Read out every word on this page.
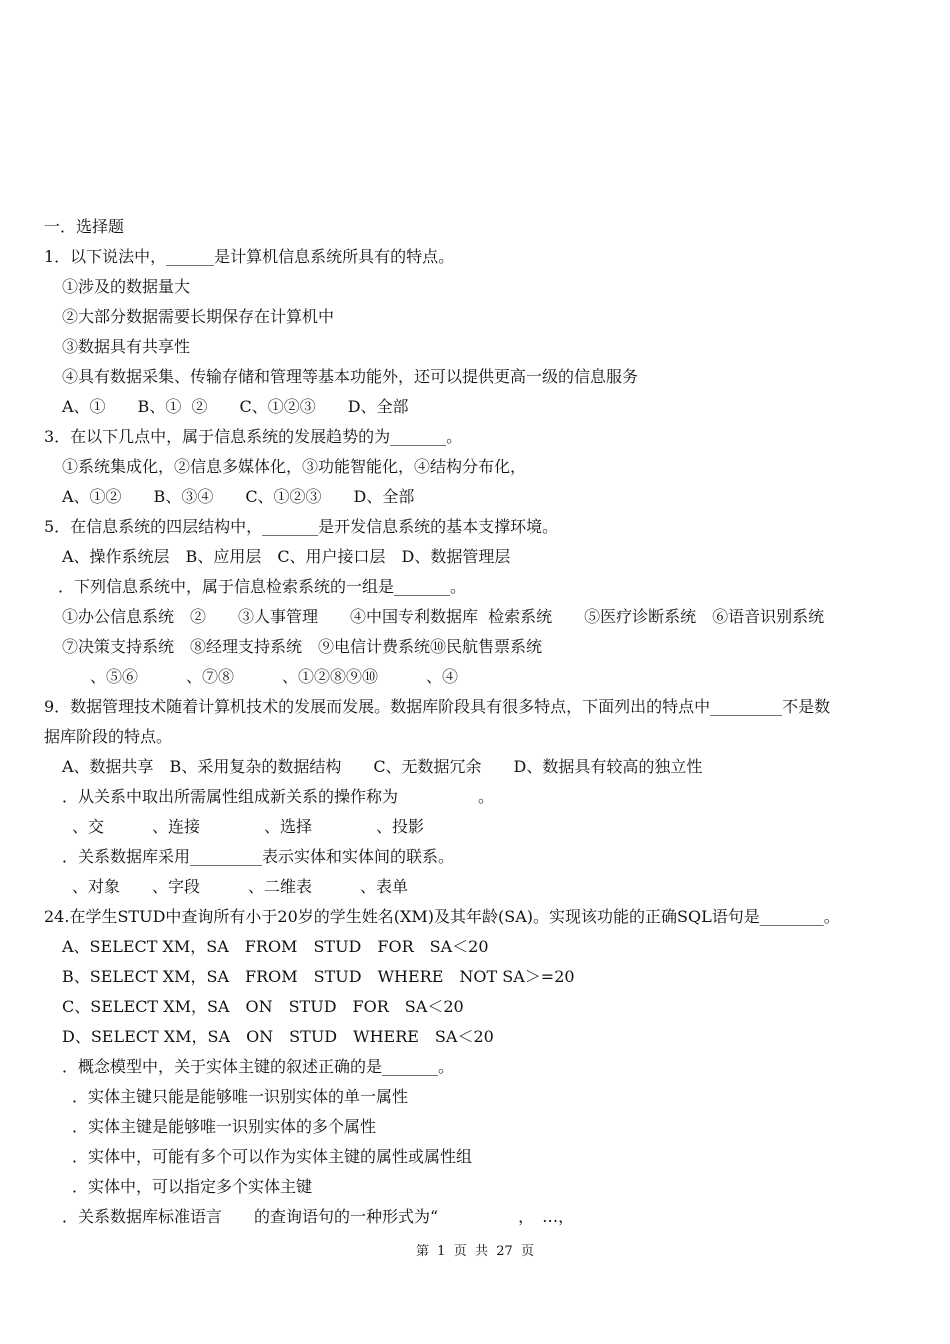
一．选择题
1．以下说法中，______是计算机信息系统所具有的特点。
①涉及的数据量大
②大部分数据需要长期保存在计算机中
③数据具有共享性
④具有数据采集、传输存储和管理等基本功能外，还可以提供更高一级的信息服务
A、①　　B、①  ②　　C、①②③　　D、全部
3．在以下几点中，属于信息系统的发展趋势的为_______。
①系统集成化，②信息多媒体化，③功能智能化，④结构分布化，
A、①②　　B、③④　　C、①②③　　D、全部
5．在信息系统的四层结构中，_______是开发信息系统的基本支撑环境。
A、操作系统层　B、应用层　C、用户接口层　D、数据管理层
．下列信息系统中，属于信息检索系统的一组是_______。
①办公信息系统　②　　③人事管理　　④中国专利数据库  检索系统　　⑤医疗诊断系统　⑥语音识别系统
⑦决策支持系统　⑧经理支持系统　⑨电信计费系统⑩民航售票系统
、⑤⑥　　　、⑦⑧　　　、①②⑧⑨⑩　　　、④
9．数据管理技术随着计算机技术的发展而发展。数据库阶段具有很多特点，下面列出的特点中_________不是数
据库阶段的特点。
A、数据共享　B、采用复杂的数据结构　　C、无数据冗余　　D、数据具有较高的独立性
．从关系中取出所需属性组成新关系的操作称为　　　　　。
、交　　　、连接　　　　、选择　　　　、投影
．关系数据库采用_________表示实体和实体间的联系。
、对象　　、字段　　　、二维表　　　、表单
24.在学生STUD中查询所有小于20岁的学生姓名(XM)及其年龄(SA)。实现该功能的正确SQL语句是________。
A、SELECT XM，SA　FROM　STUD　FOR　SA＜20
B、SELECT XM，SA　FROM　STUD　WHERE　NOT SA＞=20
C、SELECT XM，SA　ON　STUD　FOR　SA＜20
D、SELECT XM，SA　ON　STUD　WHERE　SA＜20
．概念模型中，关于实体主键的叙述正确的是_______。
．实体主键只能是能够唯一识别实体的单一属性
．实体主键是能够唯一识别实体的多个属性
．实体中，可能有多个可以作为实体主键的属性或属性组
．实体中，可以指定多个实体主键
．关系数据库标准语言　　的查询语句的一种形式为“　　　　　，　…，
第  1  页  共  27  页
